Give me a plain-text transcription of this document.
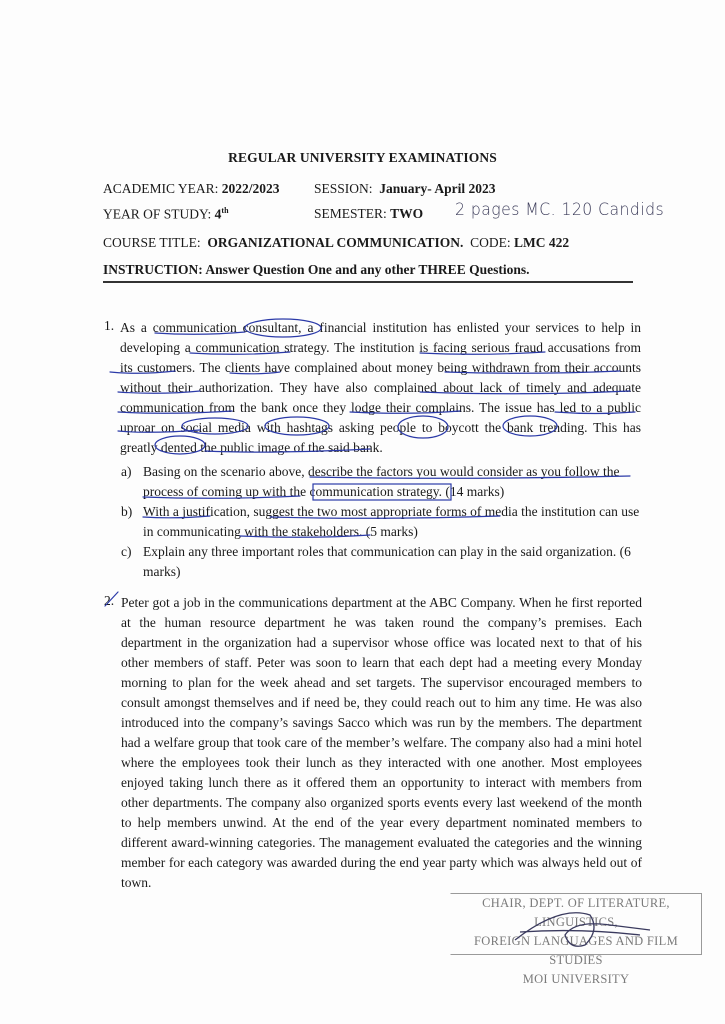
REGULAR UNIVERSITY EXAMINATIONS
ACADEMIC YEAR: 2022/2023	SESSION: January- April 2023
YEAR OF STUDY: 4th	SEMESTER: TWO 2 pages MC. 120 Candids
COURSE TITLE: ORGANIZATIONAL COMMUNICATION. CODE: LMC 422
INSTRUCTION: Answer Question One and any other THREE Questions.
1. As a communication consultant, a financial institution has enlisted your services to help in developing a communication strategy. The institution is facing serious fraud accusations from its customers. The clients have complained about money being withdrawn from their accounts without their authorization. They have also complained about lack of timely and adequate communication from the bank once they lodge their complains. The issue has led to a public uproar on social media with hashtags asking people to boycott the bank trending. This has greatly dented the public image of the said bank.
a) Basing on the scenario above, describe the factors you would consider as you follow the process of coming up with the communication strategy. (14 marks)
b) With a justification, suggest the two most appropriate forms of media the institution can use in communicating with the stakeholders. (5 marks)
c) Explain any three important roles that communication can play in the said organization. (6 marks)
2. Peter got a job in the communications department at the ABC Company. When he first reported at the human resource department he was taken round the company’s premises. Each department in the organization had a supervisor whose office was located next to that of his other members of staff. Peter was soon to learn that each dept had a meeting every Monday morning to plan for the week ahead and set targets. The supervisor encouraged members to consult amongst themselves and if need be, they could reach out to him any time. He was also introduced into the company’s savings Sacco which was run by the members. The department had a welfare group that took care of the member’s welfare. The company also had a mini hotel where the employees took their lunch as they interacted with one another. Most employees enjoyed taking lunch there as it offered them an opportunity to interact with members from other departments. The company also organized sports events every last weekend of the month to help members unwind. At the end of the year every department nominated members to different award-winning categories. The management evaluated the categories and the winning member for each category was awarded during the end year party which was always held out of town.
CHAIR, DEPT. OF LITERATURE, LINGUISTICS,
FOREIGN LANGUAGES AND FILM STUDIES
MOI UNIVERSITY
